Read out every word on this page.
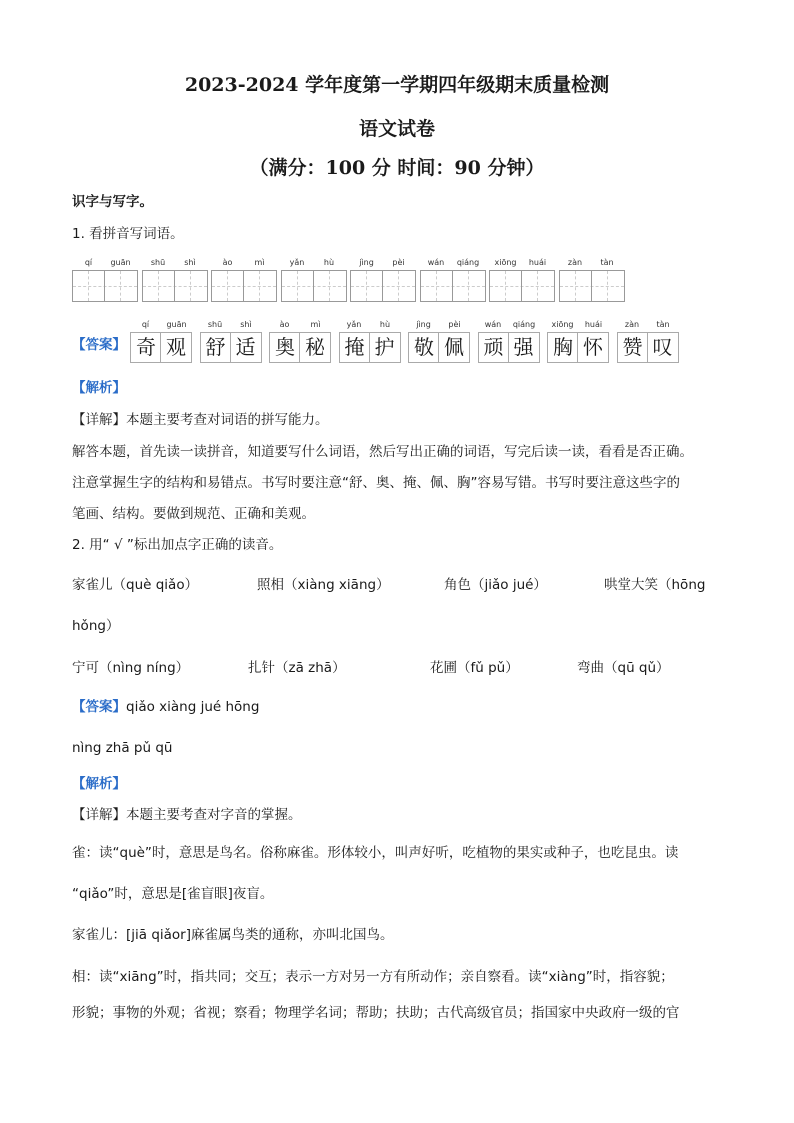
2023-2024 学年度第一学期四年级期末质量检测
语文试卷
（满分：100 分 时间：90 分钟）
识字与写字。
1. 看拼音写词语。
qí	guān	shū	shì	ào	mì	yǎn	hù	jìng	pèi	wán	qiáng	xiōng	huái	zàn	tàn
【答案】
qí	guān
奇 观
shū	shì
舒 适
ào	mì
奥 秘
yǎn	hù
掩 护
jìng	pèi
敬 佩
wán	qiáng
顽 强
xiōng	huái
胸 怀
zàn	tàn
赞 叹
【解析】
【详解】本题主要考查对词语的拼写能力。
解答本题，首先读一读拼音，知道要写什么词语，然后写出正确的词语，写完后读一读，看看是否正确。
注意掌握生字的结构和易错点。书写时要注意“舒、奥、掩、佩、胸”容易写错。书写时要注意这些字的
笔画、结构。要做到规范、正确和美观。
2. 用“ √ ”标出加点字正确的读音。
家雀儿（què qiǎo）	照相（xiàng xiāng）	角色（jiǎo jué）	哄堂大笑（hōng
hǒng）
宁可（nìng níng）	扎针（zā zhā）	花圃（fǔ pǔ）	弯曲（qū qǔ）
【答案】qiǎo xiàng jué hōng
nìng zhā pǔ qū
【解析】
【详解】本题主要考查对字音的掌握。
雀：读“què”时，意思是鸟名。俗称麻雀。形体较小，叫声好听，吃植物的果实或种子，也吃昆虫。读
“qiǎo”时，意思是[雀盲眼]夜盲。
家雀儿：[jiā qiǎor]麻雀属鸟类的通称，亦叫北国鸟。
相：读“xiāng”时，指共同；交互；表示一方对另一方有所动作；亲自察看。读“xiàng”时，指容貌；
形貌；事物的外观；省视；察看；物理学名词；帮助；扶助；古代高级官员；指国家中央政府一级的官
